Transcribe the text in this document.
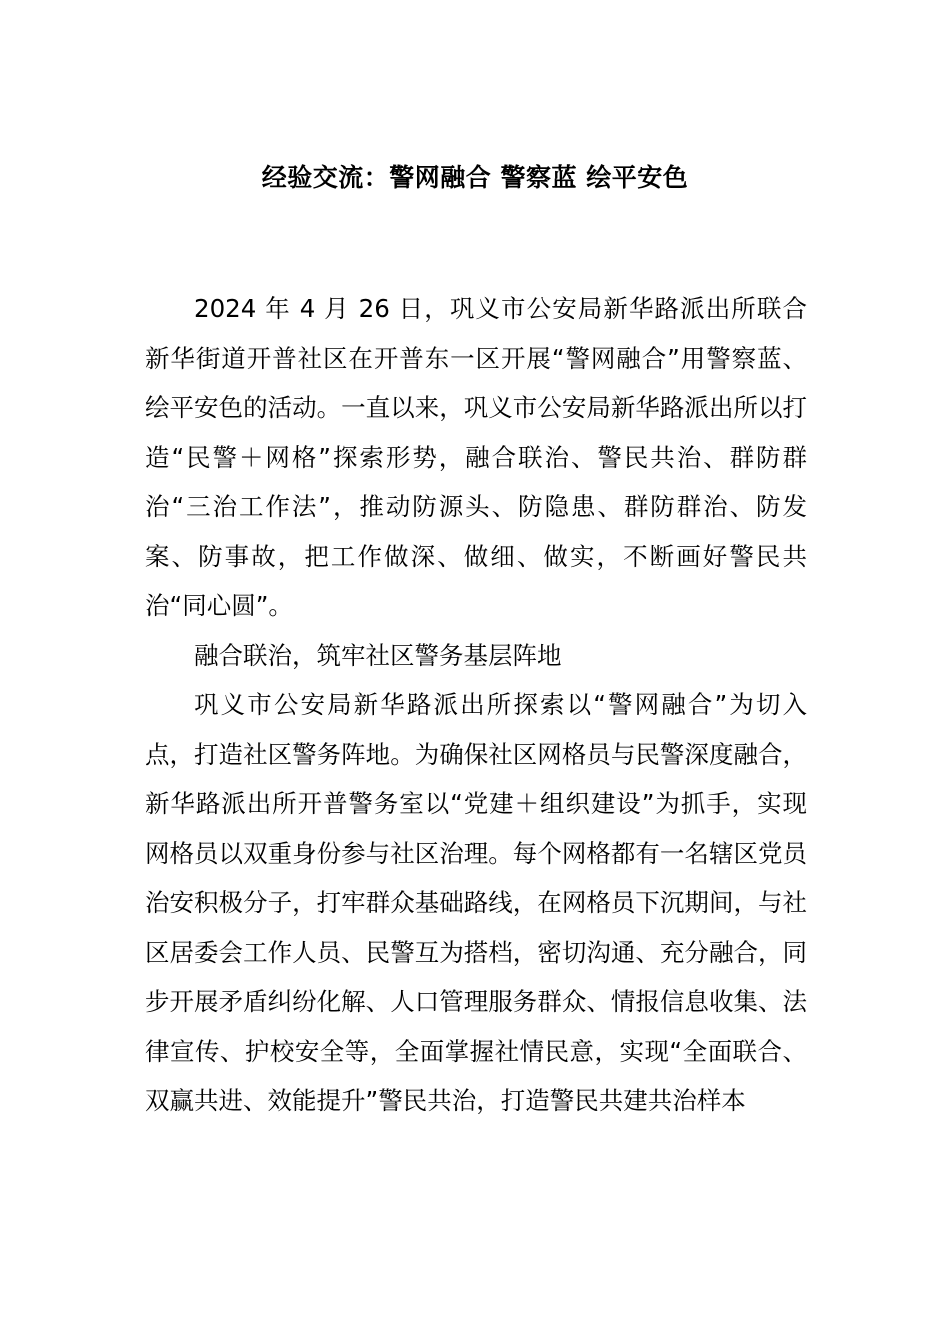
经验交流：警网融合 警察蓝 绘平安色

2024 年 4 月 26 日，巩义市公安局新华路派出所联合新华街道开普社区在开普东一区开展“警网融合”用警察蓝、绘平安色的活动。一直以来，巩义市公安局新华路派出所以打造“民警＋网格”探索形势，融合联治、警民共治、群防群治“三治工作法”，推动防源头、防隐患、群防群治、防发案、防事故，把工作做深、做细、做实，不断画好警民共治“同心圆”。

融合联治，筑牢社区警务基层阵地

巩义市公安局新华路派出所探索以“警网融合”为切入点，打造社区警务阵地。为确保社区网格员与民警深度融合，新华路派出所开普警务室以“党建＋组织建设”为抓手，实现网格员以双重身份参与社区治理。每个网格都有一名辖区党员治安积极分子，打牢群众基础路线，在网格员下沉期间，与社区居委会工作人员、民警互为搭档，密切沟通、充分融合，同步开展矛盾纠纷化解、人口管理服务群众、情报信息收集、法律宣传、护校安全等，全面掌握社情民意，实现“全面联合、双赢共进、效能提升”警民共治，打造警民共建共治样本
